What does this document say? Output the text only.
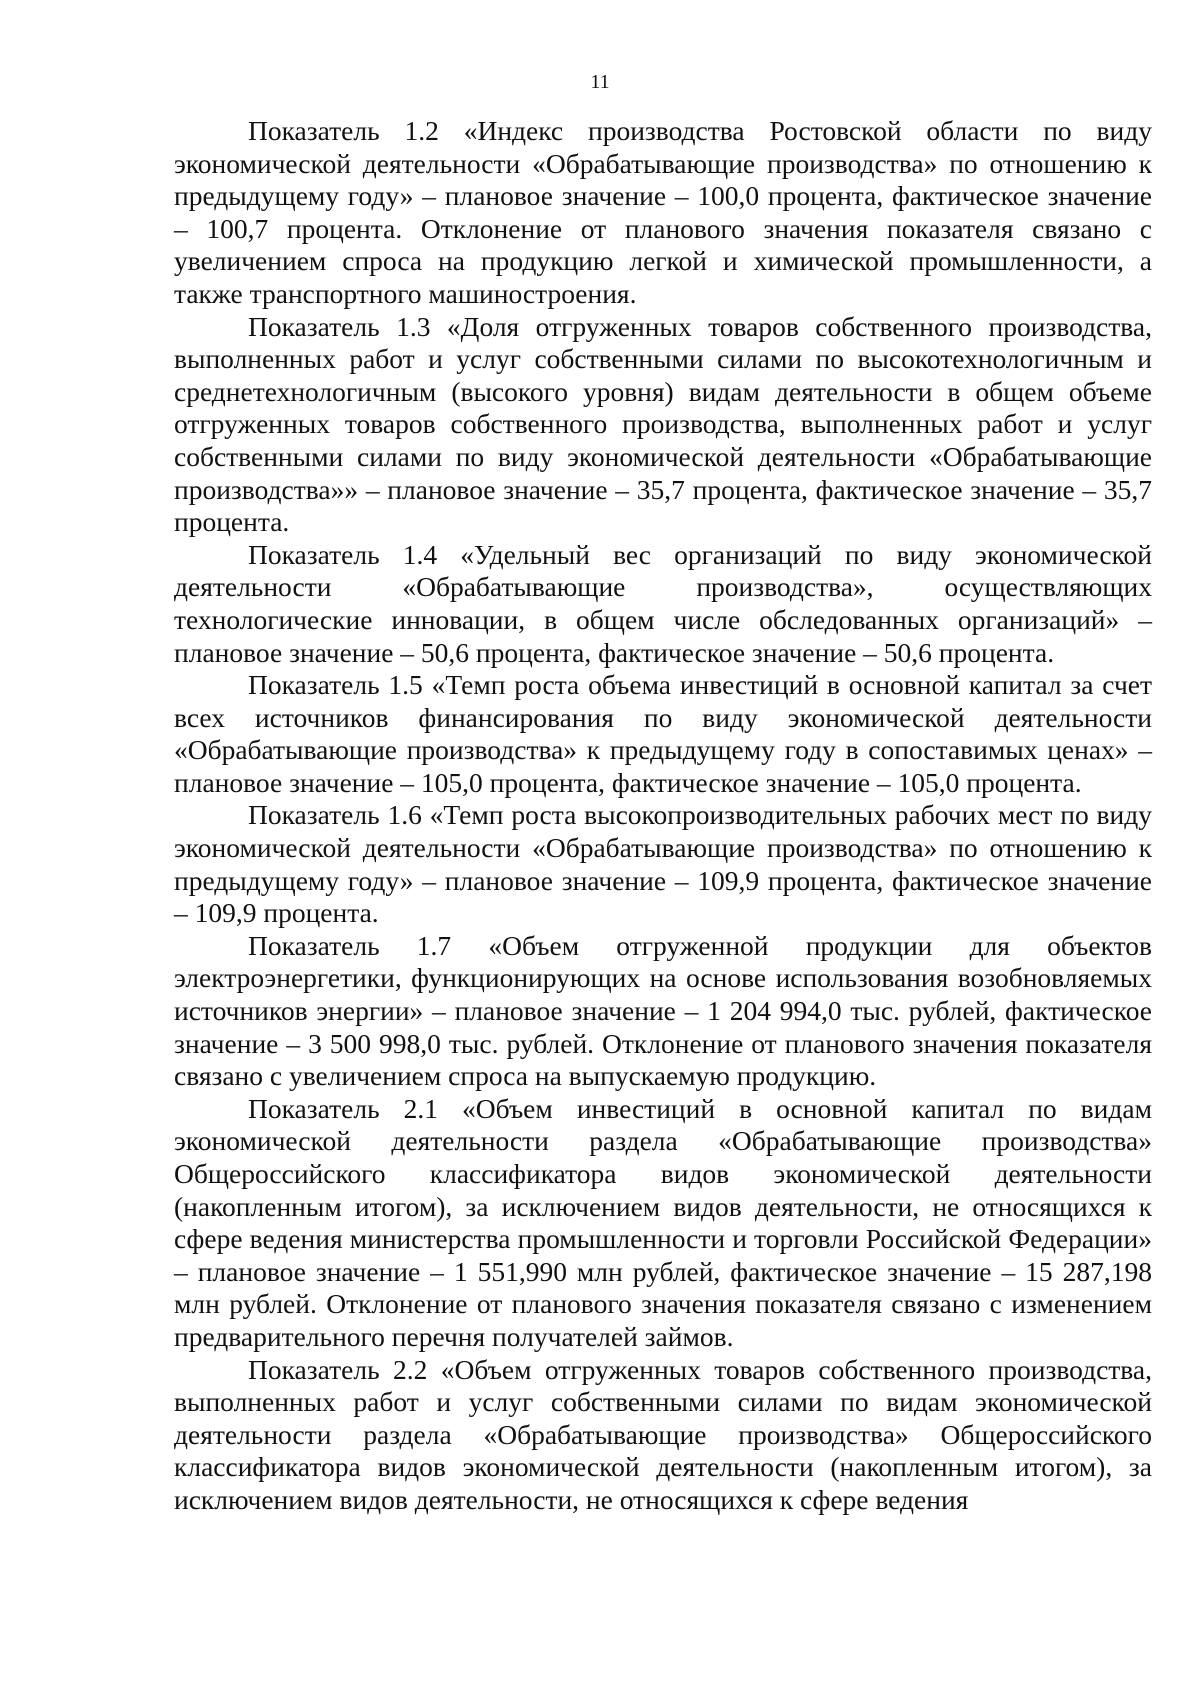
11

Показатель 1.2 «Индекс производства Ростовской области по виду экономической деятельности «Обрабатывающие производства» по отношению к предыдущему году» – плановое значение – 100,0 процента, фактическое значение – 100,7 процента. Отклонение от планового значения показателя связано с увеличением спроса на продукцию легкой и химической промышленности, а также транспортного машиностроения.

Показатель 1.3 «Доля отгруженных товаров собственного производства, выполненных работ и услуг собственными силами по высокотехнологичным и среднетехнологичным (высокого уровня) видам деятельности в общем объеме отгруженных товаров собственного производства, выполненных работ и услуг собственными силами по виду экономической деятельности «Обрабатывающие производства»» – плановое значение – 35,7 процента, фактическое значение – 35,7 процента.

Показатель 1.4 «Удельный вес организаций по виду экономической деятельности «Обрабатывающие производства», осуществляющих технологические инновации, в общем числе обследованных организаций» – плановое значение – 50,6 процента, фактическое значение – 50,6 процента.

Показатель 1.5 «Темп роста объема инвестиций в основной капитал за счет всех источников финансирования по виду экономической деятельности «Обрабатывающие производства» к предыдущему году в сопоставимых ценах» – плановое значение – 105,0 процента, фактическое значение – 105,0 процента.

Показатель 1.6 «Темп роста высокопроизводительных рабочих мест по виду экономической деятельности «Обрабатывающие производства» по отношению к предыдущему году» – плановое значение – 109,9 процента, фактическое значение – 109,9 процента.

Показатель 1.7 «Объем отгруженной продукции для объектов электроэнергетики, функционирующих на основе использования возобновляемых источников энергии» – плановое значение – 1 204 994,0 тыс. рублей, фактическое значение – 3 500 998,0 тыс. рублей. Отклонение от планового значения показателя связано с увеличением спроса на выпускаемую продукцию.

Показатель 2.1 «Объем инвестиций в основной капитал по видам экономической деятельности раздела «Обрабатывающие производства» Общероссийского классификатора видов экономической деятельности (накопленным итогом), за исключением видов деятельности, не относящихся к сфере ведения министерства промышленности и торговли Российской Федерации» – плановое значение – 1 551,990 млн рублей, фактическое значение – 15 287,198 млн рублей. Отклонение от планового значения показателя связано с изменением предварительного перечня получателей займов.

Показатель 2.2 «Объем отгруженных товаров собственного производства, выполненных работ и услуг собственными силами по видам экономической деятельности раздела «Обрабатывающие производства» Общероссийского классификатора видов экономической деятельности (накопленным итогом), за исключением видов деятельности, не относящихся к сфере ведения
